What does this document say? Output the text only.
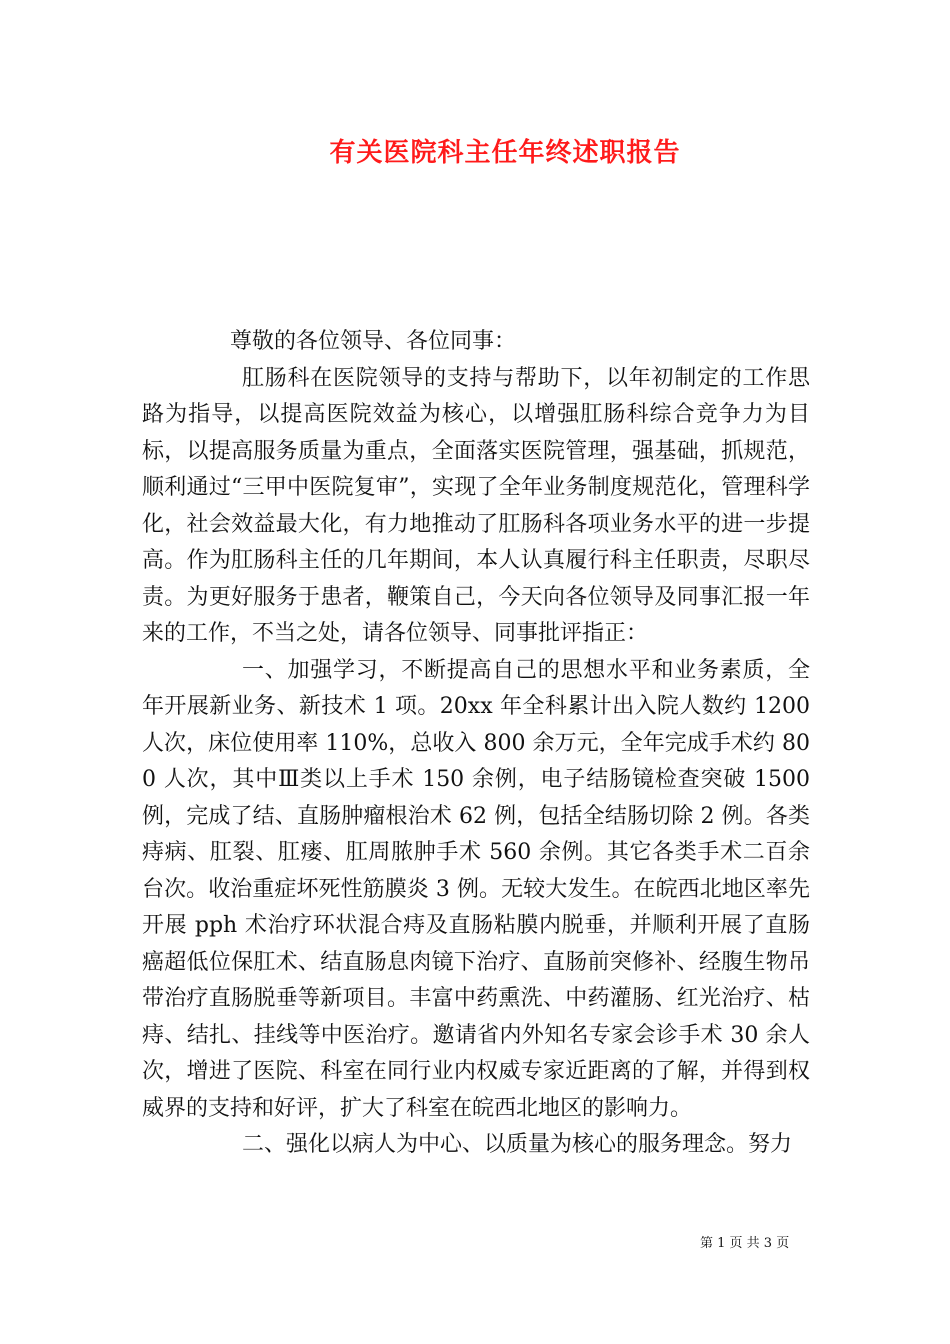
有关医院科主任年终述职报告

尊敬的各位领导、各位同事：

肛肠科在医院领导的支持与帮助下，以年初制定的工作思路为指导，以提高医院效益为核心，以增强肛肠科综合竞争力为目标，以提高服务质量为重点，全面落实医院管理，强基础，抓规范，顺利通过“三甲中医院复审”，实现了全年业务制度规范化，管理科学化，社会效益最大化，有力地推动了肛肠科各项业务水平的进一步提高。作为肛肠科主任的几年期间，本人认真履行科主任职责，尽职尽责。为更好服务于患者，鞭策自己，今天向各位领导及同事汇报一年来的工作，不当之处，请各位领导、同事批评指正：

一、加强学习，不断提高自己的思想水平和业务素质，全年开展新业务、新技术 1 项。20xx 年全科累计出入院人数约 1200 人次，床位使用率 110%，总收入 800 余万元，全年完成手术约 800 人次，其中Ⅲ类以上手术 150 余例，电子结肠镜检查突破 1500 例，完成了结、直肠肿瘤根治术 62 例，包括全结肠切除 2 例。各类痔病、肛裂、肛瘘、肛周脓肿手术 560 余例。其它各类手术二百余台次。收治重症坏死性筋膜炎 3 例。无较大发生。在皖西北地区率先开展 pph 术治疗环状混合痔及直肠粘膜内脱垂，并顺利开展了直肠癌超低位保肛术、结直肠息肉镜下治疗、直肠前突修补、经腹生物吊带治疗直肠脱垂等新项目。丰富中药熏洗、中药灌肠、红光治疗、枯痔、结扎、挂线等中医治疗。邀请省内外知名专家会诊手术 30 余人次，增进了医院、科室在同行业内权威专家近距离的了解，并得到权威界的支持和好评，扩大了科室在皖西北地区的影响力。

二、强化以病人为中心、以质量为核心的服务理念。努力

第 1 页 共 3 页
